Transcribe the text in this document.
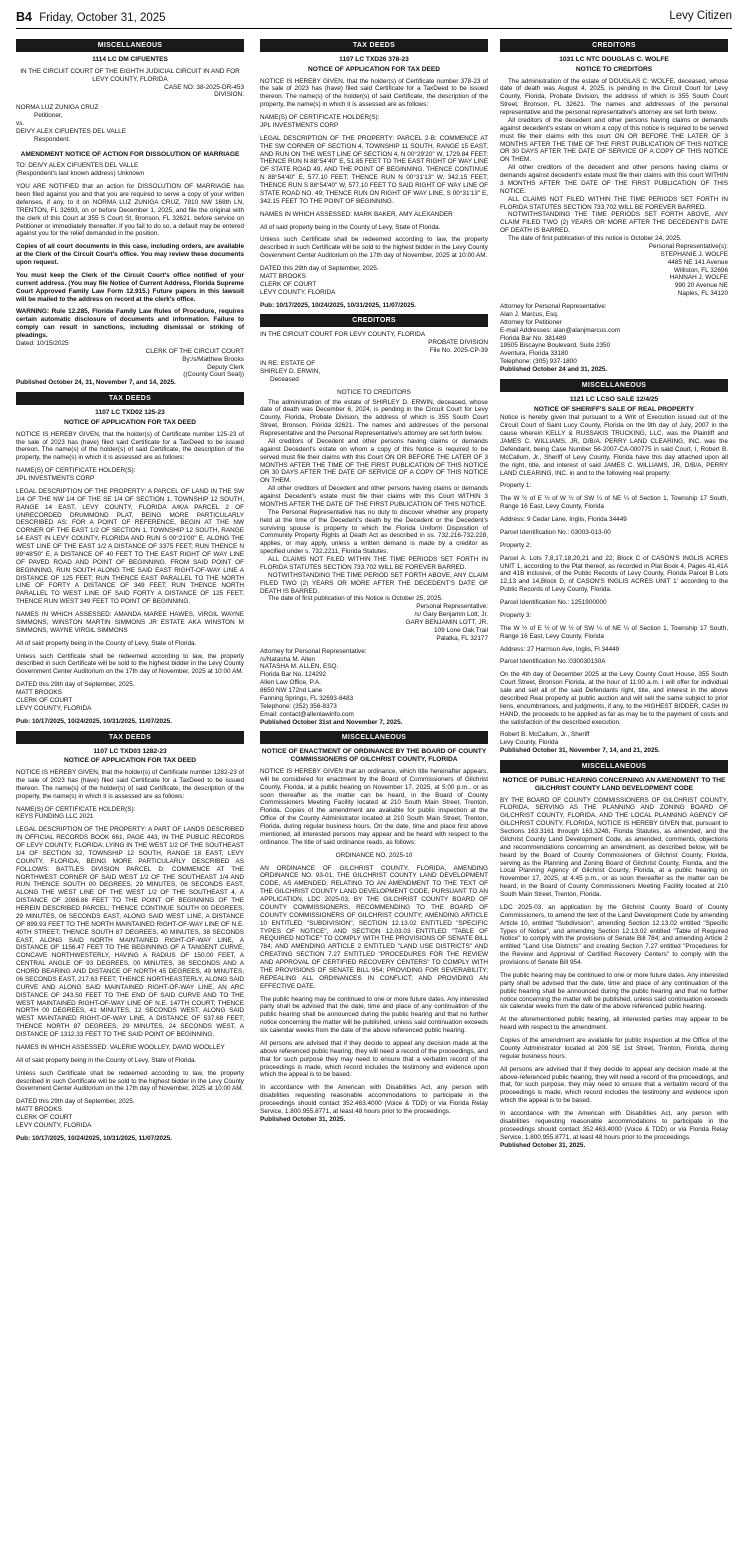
B4 Friday, October 31, 2025	Levy Citizen
MISCELLANEOUS
1114 LC DM CIFUENTES
IN THE CIRCUIT COURT OF THE EIGHTH JUDICIAL CIRCUIT IN AND FOR LEVY COUNTY, FLORIDA
CASE NO: 38-2025-DR-453
DIVISION:
NORMA LUZ ZUNIGA CRUZ
Petitioner,
vs.
DEIVY ALEX CIFUENTES DEL VALLE
Respondent.
AMENDMENT NOTICE OF ACTION FOR DISSOLUTION OF MARRIAGE
TO: DEIVY ALEX CIFUENTES DEL VALLE
(Respondent's last known address) Unknown

YOU ARE NOTIFIED that an action for DISSOLUTION OF MARRIAGE has been filed against you and that you are required to serve a copy of your written defenses, if any, to it on NORMA LUZ ZUNIGA CRUZ, 7810 NW 168th LN, TRENTON, FL 32693, on or before December 1, 2025, and file the original with the clerk of this Court at 355 S Court St, Bronson, FL 32621. before service on Petitioner or immediately thereafter. If you fail to do so, a default may be entered against you for the relief demanded in the position.

Copies of all court documents in this case, including orders, are available at the Clerk of the Circuit Court's office. You may review these documents upon request.

You must keep the Clerk of the Circuit Court's office notified of your current address. (You may file Notice of Current Address, Florida Supreme Court Approved Family Law Form 12.915.) Future papers in this lawsuit will be mailed to the address on record at the clerk's office.

WARNING: Rule 12.285, Florida Family Law Rules of Procedure, requires certain automatic disclosure of documents and information. Failure to comply can result in sanctions, including dismissal or striking of pleadings.

Dated: 10/15/2025
CLERK OF THE CIRCUIT COURT
By:/s/Matthew Brooks
Deputy Clerk
((County Court Seal))
Published October 24, 31, November 7, and 14, 2025.
TAX DEEDS
1107 LC TXD02 125-23
NOTICE OF APPLICATION FOR TAX DEED

NOTICE IS HEREBY GIVEN, that the holder(s) of Certificate number 125-23 of the sale of 2023 has (have) filed said Certificate for a TaxDeed to be issued thereon. The name(s) of the holder(s) of said Certificate, the description of the property, the name(s) in which it is assessed are as follows:

NAME(S) OF CERTIFICATE HOLDER(S):
JPL INVESTMENTS CORP

LEGAL DESCRIPTION OF THE PROPERTY: A PARCEL OF LAND IN THE SW 1/4 OF THE NW 1/4 OF THE SE 1/4 OF SECTION 1, TOWNSHIP 12 SOUTH, RANGE 14 EAST, LEVY COUNTY, FLORIDA A/K/A PARCEL 2 OF UNRECORDED DRUMMOND PLAT, BEING MORE PARTICULARLY DESCRIBED AS: FOR A POINT OF REFERENCE, BEGIN AT THE NW CORNER OF THE EAST 1/2 OF SECTION 1, TOWNSHIP 12 SOUTH, RANGE 14 EAST IN LEVY COUNTY, FLORIDA AND RUN S 00°21'00" E, ALONG THE WEST LINE OF THE EAST 1/2 A DISTANCE OF 3375 FEET; RUN THENCE N 89°48'50" E, A DISTANCE OF 40 FEET TO THE EAST RIGHT OF WAY LINE OF PAVED ROAD AND POINT OF BEGINNING. FROM SAID POINT OF BEGINNING, RUN SOUTH ALONG THE SAID EAST RIGHT-OF-WAY LINE A DISTANCE OF 125 FEET; RUN THENCE EAST PARALLEL TO THE NORTH LINE OF FORTY A DISTANCE OF 349 FEET; RUN THENCE NORTH PARALLEL TO WEST LINE OF SAID FORTY A DISTANCE OF 125 FEET; THENCE RUN WEST 349 FEET TO POINT OF BEGINNING.

NAMES IN WHICH ASSESSED: AMANDA MAREE HAWES, VIRGIL WAYNE SIMMONS, WINSTON MARTIN SIMMONS JR ESTATE AKA WINSTON M SIMMONS, WAYNE VIRGIL SIMMONS

All of said property being in the County of Levy, State of Florida.

Unless such Certificate shall be redeemed according to law, the property described in such Certificate will be sold to the highest bidder in the Levy County Government Center Auditorium on the 17th day of November, 2025 at 10:00 AM.

DATED this 29th day of September, 2025.
MATT BROOKS
CLERK OF COURT
LEVY COUNTY, FLORIDA
Pub: 10/17/2025, 10/24/2025, 10/31/2025, 11/07/2025.
TAX DEEDS
1107 LC TXD03 1282-23
NOTICE OF APPLICATION FOR TAX DEED

NOTICE IS HEREBY GIVEN, that the holder(s) of Certificate number 1282-23 of the sale of 2023 has (have) filed said Certificate for a TaxDeed to be issued thereon. The name(s) of the holder(s) of said Certificate, the description of the property, the name(s) in which it is assessed are as follows:

NAME(S) OF CERTIFICATE HOLDER(S):
KEYS FUNDING LLC 2021

LEGAL DESCRIPTION OF THE PROPERTY: A PART OF LANDS DESCRIBED IN OFFICIAL RECORDS BOOK 661, PAGE 443, IN THE PUBLIC RECORDS OF LEVY COUNTY, FLORIDA; LYING IN THE WEST 1/2 OF THE SOUTHEAST 1/4 OF SECTION 32, TOWNSHIP 12 SOUTH, RANGE 18 EAST, LEVY COUNTY, FLORIDA, BEING MORE PARTICULARLY DESCRIBED AS FOLLOWS: BATTLES DIVISION PARCEL D: COMMENCE AT THE NORTHWEST CORNER OF SAID WEST 1/2 OF THE SOUTHEAST 1/4 AND RUN THENCE SOUTH 00 DEGREES, 29 MINUTES, 06 SECONDS EAST, ALONG THE WEST LINE OF THE WEST 1/2 OF THE SOUTHEAST 4, A DISTANCE OF 2086.86 FEET TO THE POINT OF BEGINNING OF THE HEREIN DESCRIBED PARCEL; THENCE CONTINUE SOUTH 00 DEGREES, 29 MINUTES, 06 SECONDS EAST, ALONG SAID WEST LINE, A DISTANCE OF 899.93 FEET TO THE NORTH MAINTAINED RIGHT-OF-WAY LINE OF N.E. 40TH STREET; THENCE SOUTH 87 DEGREES, 40 MINUTES, 38 SECONDS EAST, ALONG SAID NORTH MAINTAINED RIGHT-OF-WAY LINE, A DISTANCE OF 1156.47 FEET TO THE BEGINNING OF A TANGENT CURVE, CONCAVE NORTHWESTERLY, HAVING A RADIUS OF 150.00 FEET, A CENTRAL ANGLE OF 93 DEGREES, 00 MINUTES, 38 SECONDS AND A CHORD BEARING AND DISTANCE OF NORTH 45 DEGREES, 49 MINUTES, 06 SECONDS EAST, 217.63 FEET; THENCE NORTHEASTERLY, ALONG SAID CURVE AND ALONG SAID MAINTAINED RIGHT-OF-WAY LINE, AN ARC DISTANCE OF 243.50 FEET TO THE END OF SAID CURVE AND TO THE WEST MAINTAINED RIGHT-OF-WAY LINE OF N.E. 147TH COURT; THENCE NORTH 00 DEGREES, 41 MINUTES, 12 SECONDS WEST, ALONG SAID WEST MAINTAINED RIGHT-OF-WAY LINE, A DISTANCE OF 537.68 FEET; THENCE NORTH 87 DEGREES, 29 MINUTES, 24 SECONDS WEST, A DISTANCE OF 1312.33 FEET TO THE SAID POINT OF BEGINNING.

NAMES IN WHICH ASSESSED: VALERIE WOOLLEY, DAVID WOOLLEY

All of said property being in the County of Levy, State of Florida.

Unless such Certificate shall be redeemed according to law, the property described in such Certificate will be sold to the highest bidder in the Levy County Government Center Auditorium on the 17th day of November, 2025 at 10:00 AM.

DATED this 29th day of September, 2025.
MATT BROOKS
CLERK OF COURT
LEVY COUNTY, FLORIDA
Pub: 10/17/2025, 10/24/2025, 10/31/2025, 11/07/2025.
TAX DEEDS
1107 LC TXD26 378-23
NOTICE OF APPLICATION FOR TAX DEED

NOTICE IS HEREBY GIVEN, that the holder(s) of Certificate number 378-23 of the sale of 2023 has (have) filed said Certificate for a TaxDeed to be issued thereon. The name(s) of the holder(s) of said Certificate, the description of the property, the name(s) in which it is assessed are as follows:

NAME(S) OF CERTIFICATE HOLDER(S):
JPL INVESTMENTS CORP

LEGAL DESCRIPTION OF THE PROPERTY: PARCEL 2-B: COMMENCE AT THE SW CORNER OF SECTION 4, TOWNSHIP 11 SOUTH, RANGE 15 EAST, AND RUN ON THE WEST LINE OF SECTION 4, N 00°29'20" W, 1729.84 FEET; THENCE RUN N 88°54'40" E, 51.85 FEET TO THE EAST RIGHT OF WAY LINE OF STATE ROAD 49, AND THE POINT OF BEGINNING. THENCE CONTINUE N 88°54'40" E, 577.10 FEET; THENCE RUN N 00°31'13" W, 342.15 FEET; THENCE RUN S 88°54'40" W, 577.10 FEET TO SAID RIGHT OF WAY LINE OF STATE ROAD NO. 49; THENCE RUN ON RIGHT OF WAY LINE, S 00°31'13" E, 342.15 FEET TO THE POINT OF BEGINNING.

NAMES IN WHICH ASSESSED: MARK BAKER, AMY ALEXANDER

All of said property being in the County of Levy, State of Florida.

Unless such Certificate shall be redeemed according to law, the property described in such Certificate will be sold to the highest bidder in the Levy County Government Center Auditorium on the 17th day of November, 2025 at 10:00 AM.

DATED this 29th day of September, 2025.
MATT BROOKS
CLERK OF COURT
LEVY COUNTY, FLORIDA
Pub: 10/17/2025, 10/24/2025, 10/31/2025, 11/07/2025.
CREDITORS
IN THE CIRCUIT COURT FOR LEVY COUNTY, FLORIDA
PROBATE DIVISION
File No. 2025-CP-39
IN RE: ESTATE OF
SHIRLEY D. ERWIN,
Deceased
NOTICE TO CREDITORS

The administration of the estate of SHIRLEY D. ERWIN, deceased, whose date of death was December 6, 2024, is pending in the Circuit Court for Levy County, Florida, Probate Division, the address of which is 355 South Court Street, Bronson, Florida 32621. The names and addresses of the personal Representative and the Personal Representative's attorney are set forth below.

All creditors of Decedent and other persons having claims or demands against Decedent's estate on whom a copy of this Notice is required to be served must file their claims with this Court ON OR BEFORE THE LATER OF 3 MONTHS AFTER THE TIME OF THE FIRST PUBLICATION OF THIS NOTICE OR 30 DAYS AFTER THE DATE OF SERVICE OF A COPY OF THIS NOTICE ON THEM.

All other creditors of Decedent and other persons having claims or demands against Decedent's estate must file their claims with this Court WITHIN 3 MONTHS AFTER THE DATE OF THE FIRST PUBLICATION OF THIS NOTICE.

The Personal Representative has no duty to discover whether any property held at the time of the Decedent's death by the Decedent or the Decedent's surviving spouse is property to which the Florida Uniform Disposition of Community Property Rights at Death Act as described in ss. 732.216-732.228, applies, or may apply, unless a written demand is made by a creditor as specified under s. 732.2211, Florida Statutes.

ALL CLAIMS NOT FILED WITHIN THE TIME PERIODS SET FORTH IN FLORIDA STATUTES SECTION 733.702 WILL BE FOREVER BARRED.

NOTWITHSTANDING THE TIME PERIOD SET FORTH ABOVE, ANY CLAIM FILED TWO (2) YEARS OR MORE AFTER THE DECEDENT'S DATE OF DEATH IS BARRED.

The date of first publication of this Notice is October 25, 2025.

Personal Representative:
/s/ Gary Benjamin Lott, Jr.
GARY BENJAMIN LOTT, JR.
109 Lone Oak Trail
Palatka, FL 32177
Attorney for Personal Representative:
/s/Natasha M. Allen
NATASHA M. ALLEN, ESQ.
Florida Bar No. 124292
Allen Law Office, P.A.
8650 NW 172nd Lane
Fanning Springs, FL 32693-8483
Telephone: (352) 356-8373
Email: contact@allenlawinfo.com
Published October 31st and November 7, 2025.
MISCELLANEOUS
NOTICE OF ENACTMENT OF ORDINANCE BY THE BOARD OF COUNTY COMMISSIONERS OF GILCHRIST COUNTY, FLORIDA

NOTICE IS HEREBY GIVEN that an ordinance, which title hereinafter appears, will be considered for enactment by the Board of Commissioners of Gilchrist County, Florida, at a public hearing on November 17, 2025, at 5:00 p.m., or as soon thereafter as the matter can be heard, in the Board of County Commissioners Meeting Facility located at 210 South Main Street, Trenton, Florida. Copies of the amendment are available for public inspection at the Office of the County Administrator located at 210 South Main Street, Trenton, Florida, during regular business hours. On the date, time and place first above mentioned, all interested persons may appear and be heard with respect to the ordinance. The title of said ordinance reads, as follows:

ORDINANCE NO. 2025-10

AN ORDINANCE OF GILCHRIST COUNTY, FLORIDA, AMENDING ORDINANCE NO. 93-01, THE GILCHRIST COUNTY LAND DEVELOPMENT CODE, AS AMENDED; RELATING TO AN AMENDMENT TO THE TEXT OF THE GILCHRIST COUNTY LAND DEVELOPMENT CODE, PURSUANT TO AN APPLICATION, LDC 2025-03, BY THE GILCHRIST COUNTY BOARD OF COUNTY COMMISSIONERS, RECOMMENDING TO THE BOARD OF COUNTY COMMISSIONERS OF GILCHRIST COUNTY; AMENDING ARTICLE 10 ENTITLED "SUBDIVISION", SECTION 12.13.02 ENTITLED "SPECIFIC TYPES OF NOTICE", AND SECTION 12.03.03 ENTITLED "TABLE OF REQUIRED NOTICE" TO COMPLY WITH THE PROVISIONS OF SENATE BILL 784; AND AMENDING ARTICLE 2 ENTITLED "LAND USE DISTRICTS" AND CREATING SECTION 7.27 ENTITLED "PROCEDURES FOR THE REVIEW AND APPROVAL OF CERTIFIED RECOVERY CENTERS" TO COMPLY WITH THE PROVISIONS OF SENATE BILL 954; PROVIDING FOR SEVERABILITY; REPEALING ALL ORDINANCES IN CONFLICT; AND PROVIDING AN EFFECTIVE DATE.

The public hearing may be continued to one or more future dates. Any interested party shall be advised that the date, time and place of any continuation of the public hearing shall be announced during the public hearing and that no further notice concerning the matter will be published, unless said continuation exceeds six calendar weeks from the date of the above referenced public hearing.

All persons are advised that if they decide to appeal any decision made at the above referenced public hearing, they will need a record of the proceedings, and that for such purpose they may need to ensure that a verbatim record of the proceedings is made, which record includes the testimony and evidence upon which the appeal is to be based.

In accordance with the American with Disabilities Act, any person with disabilities requesting reasonable accommodations to participate in the proceedings should contact 352.463.4000 (Voice & TDD) or via Florida Relay Service, 1.800.955.8771, at least 48 hours prior to the proceedings.

Published October 31, 2025.
CREDITORS
1031 LC NTC DOUGLAS C. WOLFE
NOTICE TO CREDITORS

The administration of the estate of DOUGLAS C. WOLFE, deceased, whose date of death was August 4, 2025, is pending in the Circuit Court for Levy County, Florida, Probate Division, the address of which is 355 South Court Street, Bronson, FL 32621. The names and addresses of the personal representative and the personal representative's attorney are set forth below.

All creditors of the decedent and other persons having claims or demands against decedent's estate on whom a copy of this notice is required to be served must file their claims with this court ON OR BEFORE THE LATER OF 3 MONTHS AFTER THE TIME OF THE FIRST PUBLICATION OF THIS NOTICE OR 30 DAYS AFTER THE DATE OF SERVICE OF A COPY OF THIS NOTICE ON THEM.

All other creditors of the decedent and other persons having claims or demands against decedent's estate must file their claims with this court WITHIN 3 MONTHS AFTER THE DATE OF THE FIRST PUBLICATION OF THIS NOTICE.

ALL CLAIMS NOT FILED WITHIN THE TIME PERIODS SET FORTH IN FLORIDA STATUTES SECTION 733.702 WILL BE FOREVER BARRED.

NOTWITHSTANDING THE TIME PERIODS SET FORTH ABOVE, ANY CLAIM FILED TWO (2) YEARS OR MORE AFTER THE DECEDENT'S DATE OF DEATH IS BARRED.

The date of first publication of this notice is October 24, 2025.

Personal Representative(s):
STEPHANIE J. WOLFE
4485 NE 141 Avenue
Williston, FL 32696
HANNAH J. WOLFE
990 20 Avenue NE
Naples, FL 34120
Attorney for Personal Representative:
Alan J. Marcus, Esq.
Attorney for Petitioner
E-mail Addresses: alan@alanjmarcus.com
Florida Bar No. 381489
19505 Biscayne Boulevard, Suite 2350
Aventura, Florida 33180
Telephone: (305) 937-1800
Published October 24 and 31, 2025.
MISCELLANEOUS
1121 LC LCSO SALE 12/4/25
NOTICE OF SHERIFF'S SALE OF REAL PROPERTY

Notice is hereby given that pursuant to a Writ of Execution issued out of the Circuit Court of Saint Lucy County, Florida on the 9th day of July, 2007 in the cause wherein KELLY & RUSSAKIS TRUCKING, LLC, was the Plaintiff and JAMES C. WILLIAMS, JR, D/B/A. PERRY LAND CLEARING, INC. was the Defendant, being Case Number 56-2007-CA-000775 in said Court, I, Robert B. McCallum, Jr., Sheriff of Levy County, Florida have this day attached upon all the right, title, and interest of said JAMES C. WILLIAMS, JR, D/B/A, PERRY LAND CLEARING, INC. in and to the following real property:

Property 1:

The W ½ of E ½ of W ½ of SW ¼ of NE ¼ of Section 1, Township 17 South, Range 16 East, Levy County, Florida

Address: 9 Cedar Lane, Inglis, Florida 34449

Parcel Identification No.: 03003-013-00

Property 2:

Parcel A: Lots 7,8,17,18,20,21 and 22, Block C of CASON'S INGLIS ACRES UNIT 1, according to the Plat thereof, as recorded in Plat Book 4, Pages 41,41A and 41B inclusive, of the Public Records of Levy County, Florida Parcel B Lots 12,13 and 14,Block D, of CASON'S INGLIS ACRES UNIT 1' according to the Public Records of Levy County, Florida.

Parcel Identification No.: 1251900000

Property 3:

The W ½ of E ½ of W ½ of SW ¼ of NE ¼ of Section 1, Township 17 South, Range 16 East, Levy County, Florida

Address: 27 Harrison Ave, Inglis, Fl 34449

Parcel Identification No.:030030130A

On the 4th day of December 2025 at the Levy County Court House, 355 South Court Street, Bronson Florida, at the hour of 11:00 a.m. I will offer for individual sale and sell all of the said Defendants right, title, and interest in the above described Real property at public auction and will sell the same subject to prior liens, encumbrances, and judgments, if any, to the HIGHEST BIDDER, CASH IN HAND, the proceeds to be applied as far as may be to the payment of costs and the satisfaction of the described execution.

Robert B. McCallum, Jr., Sheriff
Levy County, Florida
Published October 31, November 7, 14, and 21, 2025.
MISCELLANEOUS
NOTICE OF PUBLIC HEARING CONCERNING AN AMENDMENT TO THE GILCHRIST COUNTY LAND DEVELOPMENT CODE

BY THE BOARD OF COUNTY COMMISSIONERS OF GILCHRIST COUNTY, FLORIDA, SERVING AS THE PLANNING AND ZONING BOARD OF GILCHRIST COUNTY, FLORIDA, AND THE LOCAL PLANNING AGENCY OF GILCHRIST COUNTY, FLORIDA, NOTICE IS HEREBY GIVEN that, pursuant to Sections 163.3161 through 163.3248, Florida Statutes, as amended, and the Gilchrist County Land Development Code, as amended, comments, objections and recommendations concerning an amendment, as described below, will be heard by the Board of County Commissioners of Gilchrist County, Florida, serving as the Planning and Zoning Board of Gilchrist County, Florida, and the Local Planning Agency of Gilchrist County, Florida, at a public hearing on November 17, 2025, at 4:45 p.m., or as soon thereafter as the matter can be heard, in the Board of County Commissioners Meeting Facility located at 210 South Main Street, Trenton, Florida.

LDC 2025-03, an application by the Gilchrist County Board of County Commissioners, to amend the text of the Land Development Code by amending Article 10, entitled "Subdivision", amending Section 12.13.02 entitled "Specific Types of Notice", and amending Section 12.13.02 entitled "Table of Required Notice" to comply with the provisions of Senate Bill 784; and amending Article 2 entitled "Land Use Districts" and creating Section 7.27 entitled "Procedures for the Review and Approval of Certified Recovery Centers" to comply with the provisions of Senate Bill 954.

The public hearing may be continued to one or more future dates. Any interested party shall be advised that the date, time and place of any continuation of the public hearing shall be announced during the public hearing and that no further notice concerning the matter will be published, unless said continuation exceeds six calendar weeks from the date of the above referenced public hearing.

At the aforementioned public hearing, all interested parties may appear to be heard with respect to the amendment.

Copies of the amendment are available for public inspection at the Office of the County Administrator located at 209 SE 1st Street, Trenton, Florida, during regular business hours.

All persons are advised that if they decide to appeal any decision made at the above-referenced public hearing, they will need a record of the proceedings, and that, for such purpose, they may need to ensure that a verbatim record of the proceedings is made, which record includes the testimony and evidence upon which the appeal is to be based.

In accordance with the American with Disabilities Act, any person with disabilities requesting reasonable accommodations to participate in the proceedings should contact 352.463.4000 (Voice & TDD) or via Florida Relay Service, 1.800.955.8771, at least 48 hours prior to the proceedings.

Published October 31, 2025.
